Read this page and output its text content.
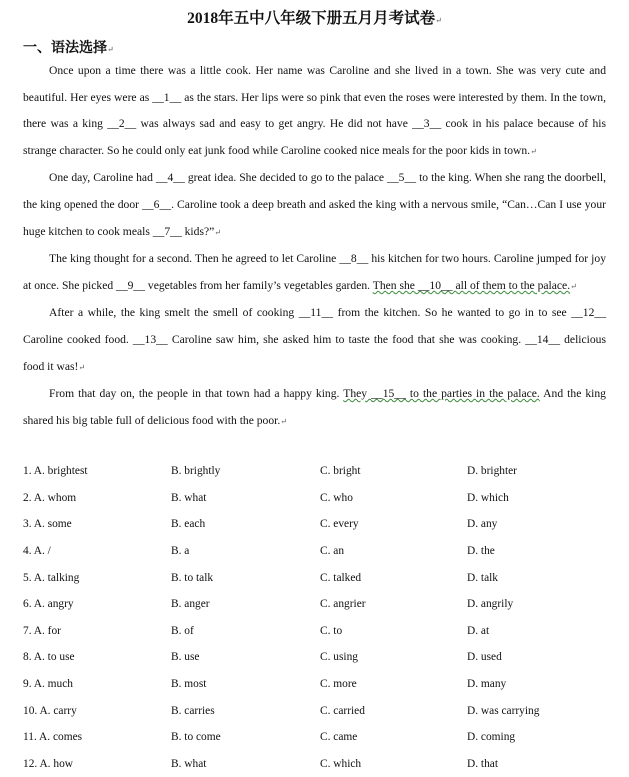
2018年五中八年级下册五月月考试卷↵
一、语法选择↵

Once upon a time there was a little cook. Her name was Caroline and she lived in a town. She was very cute and beautiful. Her eyes were as __1__ as the stars. Her lips were so pink that even the roses were interested by them. In the town, there was a king __2__ was always sad and easy to get angry. He did not have __3__ cook in his palace because of his strange character. So he could only eat junk food while Caroline cooked nice meals for the poor kids in town.↵

One day, Caroline had __4__ great idea. She decided to go to the palace __5__ to the king. When she rang the doorbell, the king opened the door __6__. Caroline took a deep breath and asked the king with a nervous smile, “Can…Can I use your huge kitchen to cook meals __7__ kids?”↵

The king thought for a second. Then he agreed to let Caroline __8__ his kitchen for two hours. Caroline jumped for joy at once. She picked __9__ vegetables from her family’s vegetables garden. Then she __10__ all of them to the palace.↵

After a while, the king smelt the smell of cooking __11__ from the kitchen. So he wanted to go in to see __12__ Caroline cooked food. __13__ Caroline saw him, she asked him to taste the food that she was cooking. __14__ delicious food it was!↵

From that day on, the people in that town had a happy king. They __15__ to the parties in the palace. And the king shared his big table full of delicious food with the poor.↵

1. A. brightest	B. brightly	C. bright	D. brighter
2. A. whom	B. what	C. who	D. which
3. A. some	B. each	C. every	D. any
4. A. /	B. a	C. an	D. the
5. A. talking	B. to talk	C. talked	D. talk
6. A. angry	B. anger	C. angrier	D. angrily
7. A. for	B. of	C. to	D. at
8. A. to use	B. use	C. using	D. used
9. A. much	B. most	C. more	D. many
10. A. carry	B. carries	C. carried	D. was carrying
11. A. comes	B. to come	C. came	D. coming
12. A. how	B. what	C. which	D. that
